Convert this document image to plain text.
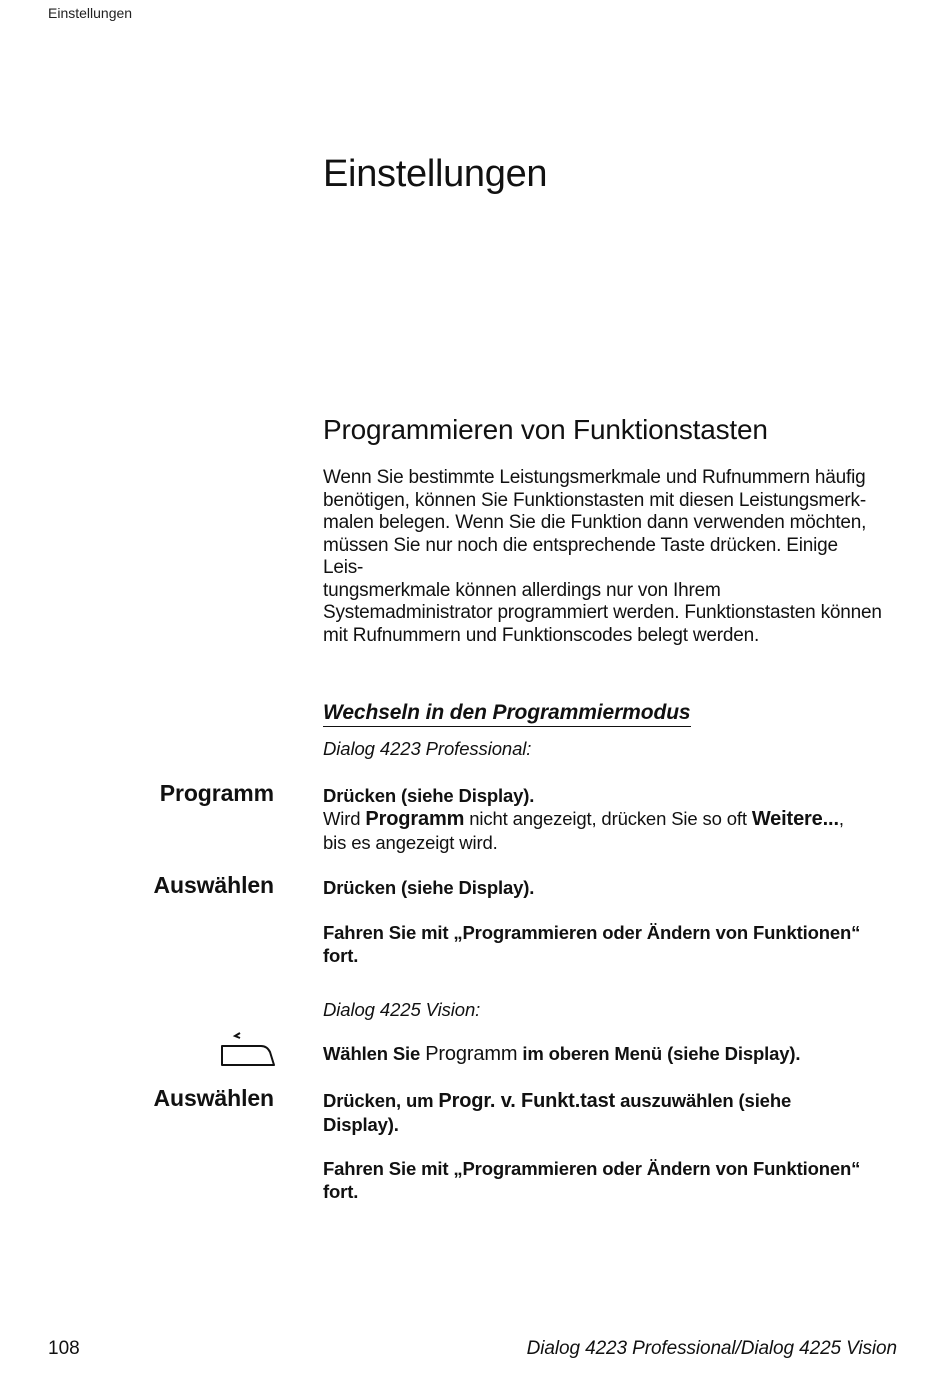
Einstellungen
Einstellungen
Programmieren von Funktionstasten
Wenn Sie bestimmte Leistungsmerkmale und Rufnummern häufig
benötigen, können Sie Funktionstasten mit diesen Leistungsmerk-
malen belegen. Wenn Sie die Funktion dann verwenden möchten,
müssen Sie nur noch die entsprechende Taste drücken. Einige
Leis-
tungsmerkmale können allerdings nur von Ihrem
Systemadministrator programmiert werden. Funktionstasten können
mit Rufnummern und Funktionscodes belegt werden.
Wechseln in den Programmiermodus
Dialog 4223 Professional:
Programm	Drücken (siehe Display).
Wird Programm nicht angezeigt, drücken Sie so oft Weitere...,
bis es angezeigt wird.
Auswählen	Drücken (siehe Display).
Fahren Sie mit „Programmieren oder Ändern von Funktionen“
fort.
Dialog 4225 Vision:
Wählen Sie Programm im oberen Menü (siehe Display).
Auswählen	Drücken, um Progr. v. Funkt.tast auszuwählen (siehe
Display).
Fahren Sie mit „Programmieren oder Ändern von Funktionen“
fort.
108	Dialog 4223 Professional/Dialog 4225 Vision
